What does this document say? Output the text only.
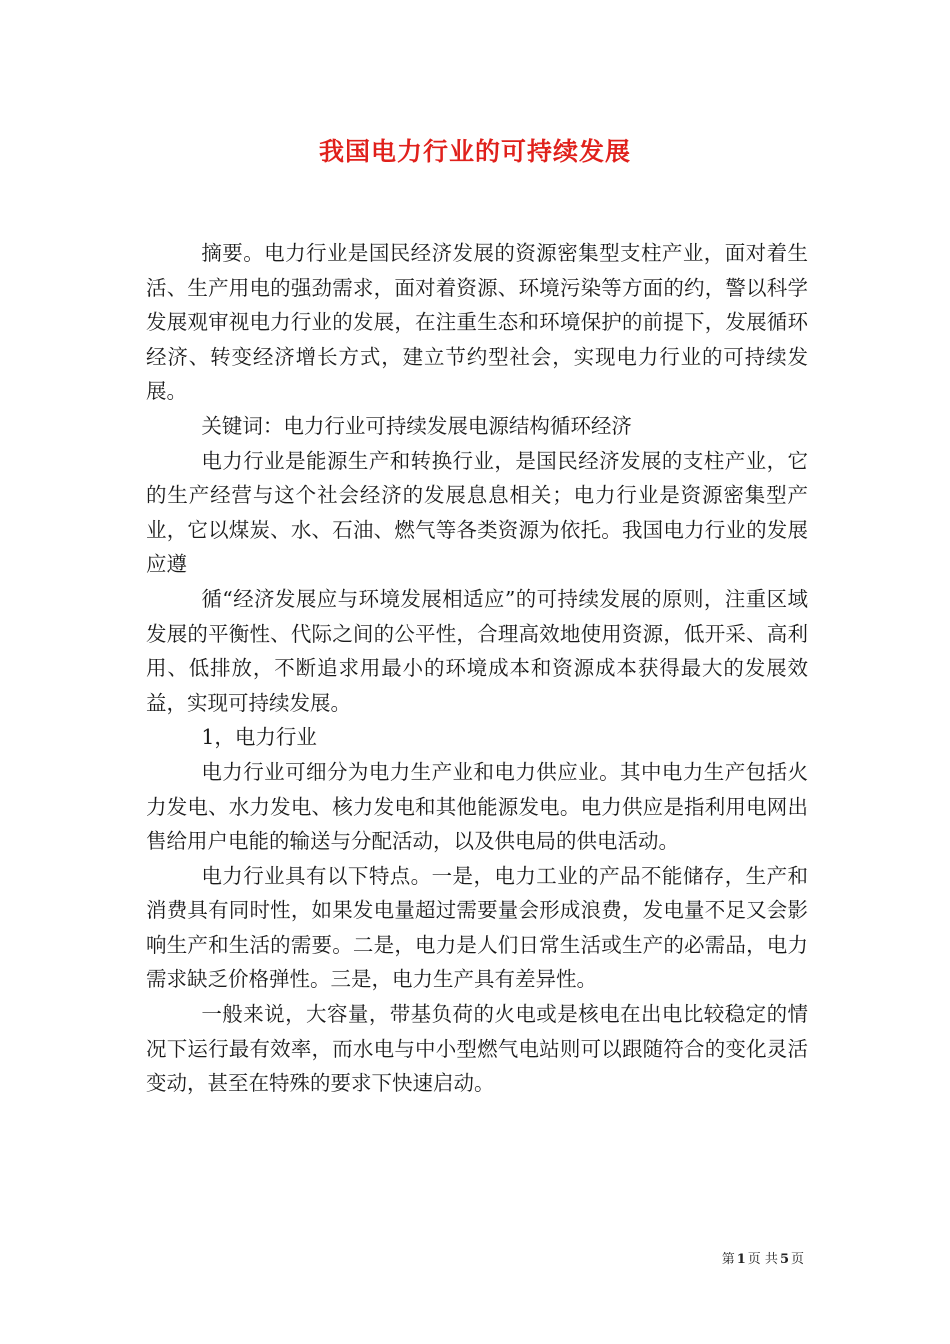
我国电力行业的可持续发展

摘要。电力行业是国民经济发展的资源密集型支柱产业，面对着生活、生产用电的强劲需求，面对着资源、环境污染等方面的约，警以科学发展观审视电力行业的发展，在注重生态和环境保护的前提下，发展循环经济、转变经济增长方式，建立节约型社会，实现电力行业的可持续发展。

关键词：电力行业可持续发展电源结构循环经济

电力行业是能源生产和转换行业，是国民经济发展的支柱产业，它的生产经营与这个社会经济的发展息息相关；电力行业是资源密集型产业，它以煤炭、水、石油、燃气等各类资源为依托。我国电力行业的发展应遵

循“经济发展应与环境发展相适应”的可持续发展的原则，注重区域发展的平衡性、代际之间的公平性，合理高效地使用资源，低开采、高利用、低排放，不断追求用最小的环境成本和资源成本获得最大的发展效益，实现可持续发展。

1，电力行业

电力行业可细分为电力生产业和电力供应业。其中电力生产包括火力发电、水力发电、核力发电和其他能源发电。电力供应是指利用电网出售给用户电能的输送与分配活动，以及供电局的供电活动。

电力行业具有以下特点。一是，电力工业的产品不能储存，生产和消费具有同时性，如果发电量超过需要量会形成浪费，发电量不足又会影响生产和生活的需要。二是，电力是人们日常生活或生产的必需品，电力需求缺乏价格弹性。三是，电力生产具有差异性。

一般来说，大容量，带基负荷的火电或是核电在出电比较稳定的情况下运行最有效率，而水电与中小型燃气电站则可以跟随符合的变化灵活变动，甚至在特殊的要求下快速启动。

第 1 页 共 5 页
